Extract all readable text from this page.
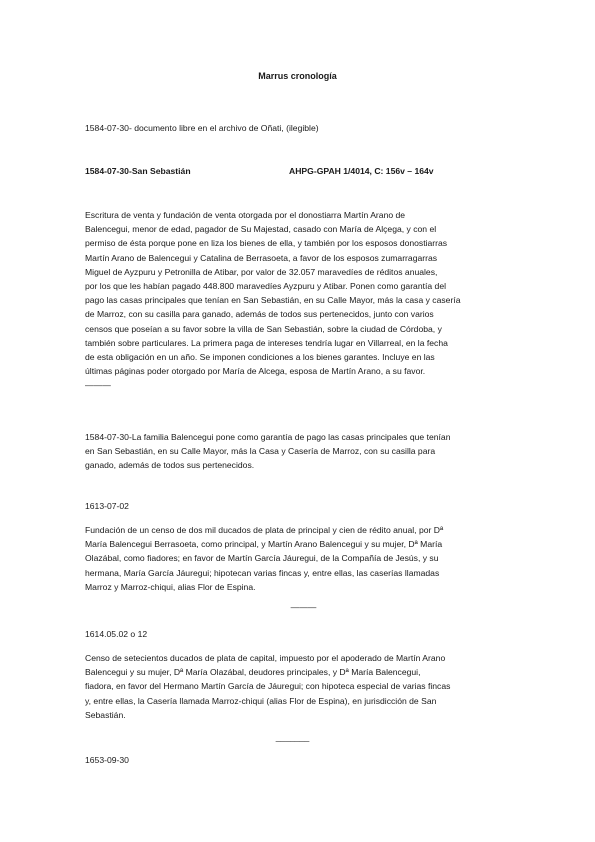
Marrus cronología
1584-07-30- documento libre en el archivo de Oñati, (ilegible)
1584-07-30-San Sebastián	AHPG-GPAH 1/4014, C: 156v – 164v

Escritura de venta y fundación de venta otorgada por el donostiarra Martín Arano de

Balencegui, menor de edad, pagador de Su Majestad, casado con María de Alçega, y con el

permiso de ésta porque pone en liza los bienes de ella, y también por los esposos donostiarras

Martín Arano de Balencegui y Catalina de Berrasoeta, a favor de los esposos zumarragarras

Miguel de Ayzpuru y Petronilla de Atibar, por valor de 32.057 maravedíes de réditos anuales,

por los que les habían pagado 448.800 maravedíes Ayzpuru y Atibar. Ponen como garantía del

pago las casas principales que tenían en San Sebastián, en su Calle Mayor, más la casa y casería

de Marroz, con su casilla para ganado, además de todos sus pertenecidos, junto con varios

censos que poseían a su favor sobre la villa de San Sebastián, sobre la ciudad de Córdoba, y

también sobre particulares. La primera paga de intereses tendría lugar en Villarreal, en la fecha

de esta obligación en un año. Se imponen condiciones a los bienes garantes. Incluye en las

últimas páginas poder otorgado por María de Alcega, esposa de Martín Arano, a su favor.

———

1584-07-30-La familia Balencegui pone como garantía de pago las casas principales que tenían

en San Sebastián, en su Calle Mayor, más la Casa y Casería de Marroz, con su casilla para

ganado, además de todos sus pertenecidos.

1613-07-02

Fundación de un censo de dos mil ducados de plata de principal y cien de rédito anual, por Dª

María Balencegui Berrasoeta, como principal, y Martín Arano Balencegui y su mujer, Dª María

Olazábal, como fiadores; en favor de Martín García Jáuregui, de la Compañía de Jesús, y su

hermana, María García Jáuregui; hipotecan varias fincas y, entre ellas, las caserías llamadas

Marroz y Marroz-chiqui, alias Flor de Espina.

———
1614.05.02 o 12

Censo de setecientos ducados de plata de capital, impuesto por el apoderado de Martín Arano

Balencegui y su mujer, Dª María Olazábal, deudores principales, y Dª María Balencegui,

fiadora, en favor del Hermano Martín García de Jáuregui; con hipoteca especial de varias fincas

y, entre ellas, la Casería llamada Marroz-chiqui (alias Flor de Espina), en jurisdicción de San

Sebastián.

_______
1653-09-30
